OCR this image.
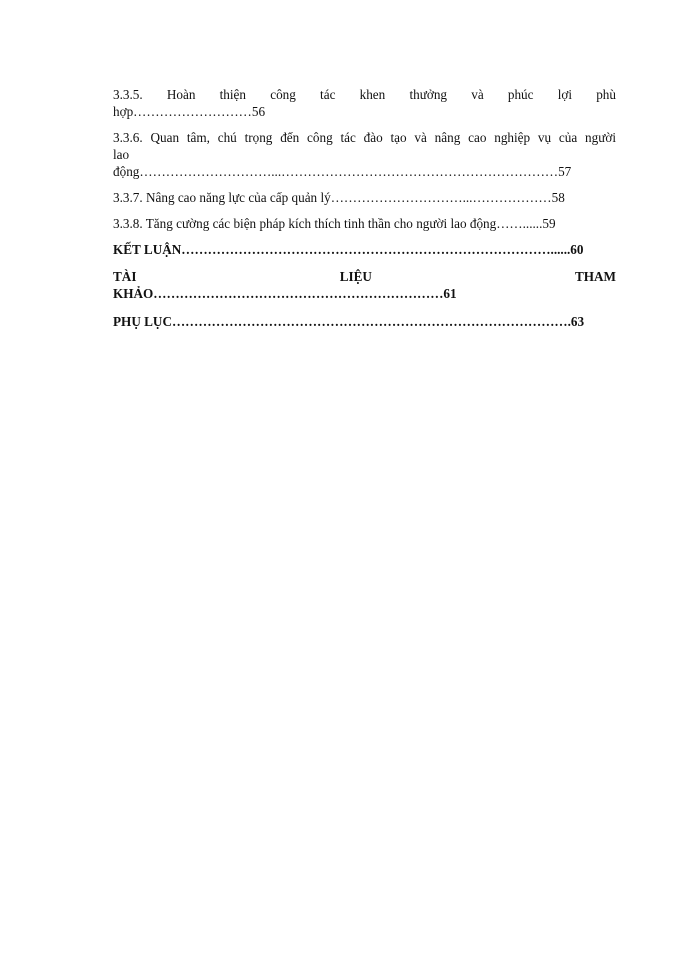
3.3.5. Hoàn thiện công tác khen thưởng và phúc lợi phù
hợp………………………56
3.3.6. Quan tâm, chú trọng đến công tác đào tạo và nâng cao nghiệp vụ của người
lao
động…………………………...………………………………………………………57
3.3.7. Nâng cao năng lực của cấp quản lý…………………………...………………58
3.3.8. Tăng cường các biện pháp kích thích tinh thần cho người lao động……......59
KẾT LUẬN…………………………………………………………………………......60
TÀI LIỆU THAM
KHẢO…………………………………………………………61
PHỤ LỤC……………………………………………………………………………….63
